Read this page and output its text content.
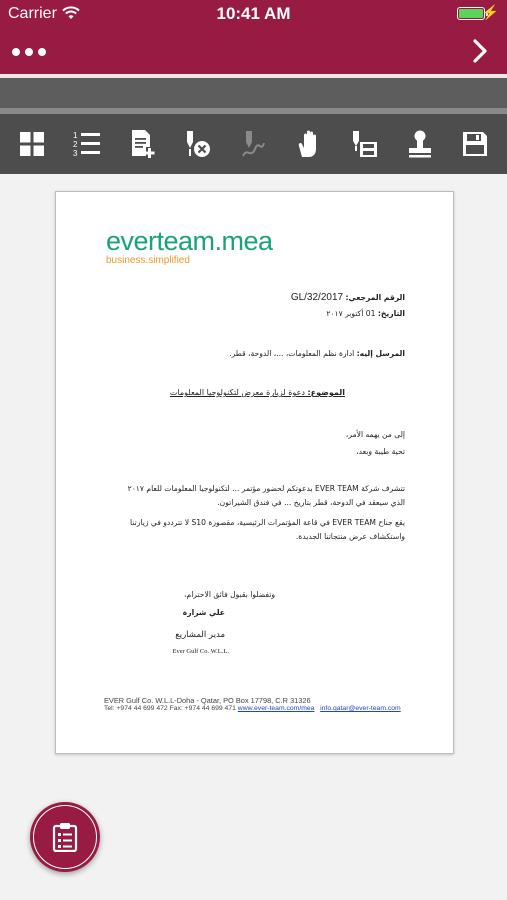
Carrier	10:41 AM	⚡
1
2
3
everteam.mea
business.simplified
الرقم المرجعي: GL/32/2017
التاريخ: 01 أكتوبر ٢٠١٧
المرسل إليه: ادارة نظم المعلومات، ...، الدوحة، قطر.
الموضوع: دعوة لزيارة معرض لتكنولوجيا المعلومات
إلى من يهمه الأمر،
تحية طيبة وبعد،
تتشرف شركة EVER TEAM بدعوتكم لحضور مؤتمر ... لتكنولوجيا المعلومات للعام ٢٠١٧
الذي سيعقد في الدوحة، قطر بتاريخ ... في فندق الشيراتون.
يقع جناح EVER TEAM في قاعة المؤتمرات الرئيسية، مقصورة S10 لا تترددو في زيارتنا
واستكشاف عرض منتجاتنا الجديدة.
وتفضلوا بقبول فائق الاحترام،
علي شرارة
مدير المشاريع
Ever Gulf Co. W.L.L.
EVER Gulf Co. W.L.L-Doha - Qatar, PO Box 17798, C.R 31326
Tel: +974 44 699 472 Fax: +974 44 699 471 www.ever-team.com/mea info.qatar@ever-team.com
